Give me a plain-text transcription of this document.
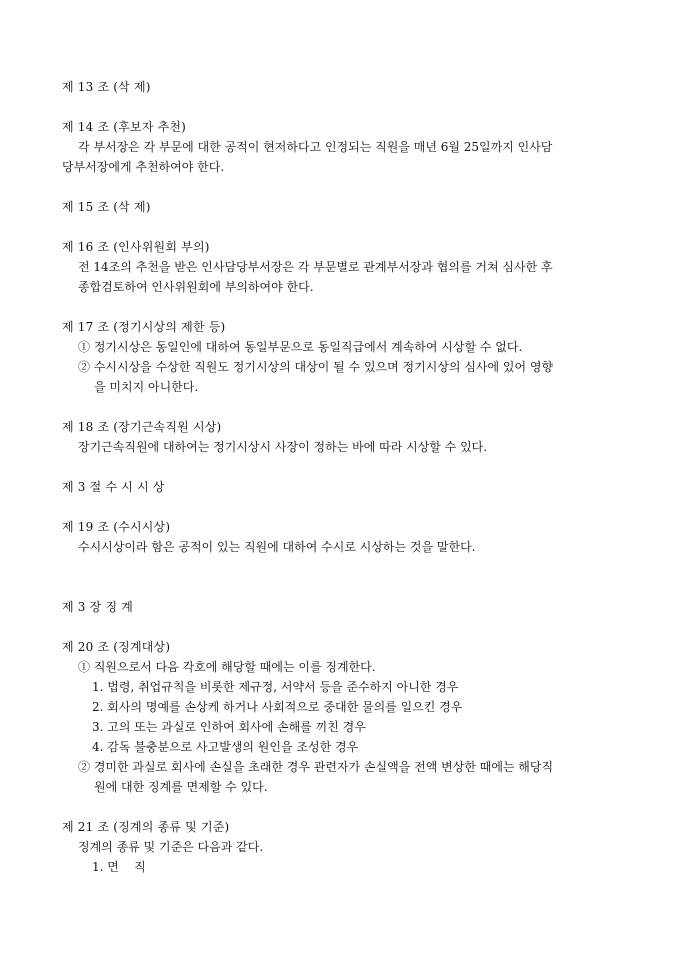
제 13 조 (삭 제)
제 14 조 (후보자 추천)
각 부서장은 각 부문에 대한 공적이 현저하다고 인정되는 직원을 매년 6월 25일까지 인사담
당부서장에게 추천하여야 한다.
제 15 조 (삭 제)
제 16 조 (인사위원회 부의)
전 14조의 추천을 받은 인사담당부서장은 각 부문별로 관계부서장과 협의를 거쳐 심사한 후
종합검토하여 인사위원회에 부의하여야 한다.
제 17 조 (정기시상의 제한 등)
① 정기시상은 동일인에 대하여 동일부문으로 동일직급에서 계속하여 시상할 수 없다.
② 수시시상을 수상한 직원도 정기시상의 대상이 될 수 있으며 정기시상의 심사에 있어 영향
을 미치지 아니한다.
제 18 조 (장기근속직원 시상)
장기근속직원에 대하여는 정기시상시 사장이 정하는 바에 따라 시상할 수 있다.
제 3 절 수 시 시 상
제 19 조 (수시시상)
수시시상이라 함은 공적이 있는 직원에 대하여 수시로 시상하는 것을 말한다.
제 3 장 징 계
제 20 조 (징계대상)
① 직원으로서 다음 각호에 해당할 때에는 이를 징계한다.
1. 법령, 취업규칙을 비롯한 제규정, 서약서 등을 준수하지 아니한 경우
2. 회사의 명예를 손상케 하거나 사회적으로 중대한 물의를 일으킨 경우
3. 고의 또는 과실로 인하여 회사에 손해를 끼친 경우
4. 감독 불충분으로 사고발생의 원인을 조성한 경우
② 경미한 과실로 회사에 손실을 초래한 경우 관련자가 손실액을 전액 변상한 때에는 해당직
원에 대한 징계를 면제할 수 있다.
제 21 조 (징계의 종류 및 기준)
징계의 종류 및 기준은 다음과 같다.
1. 면    직
